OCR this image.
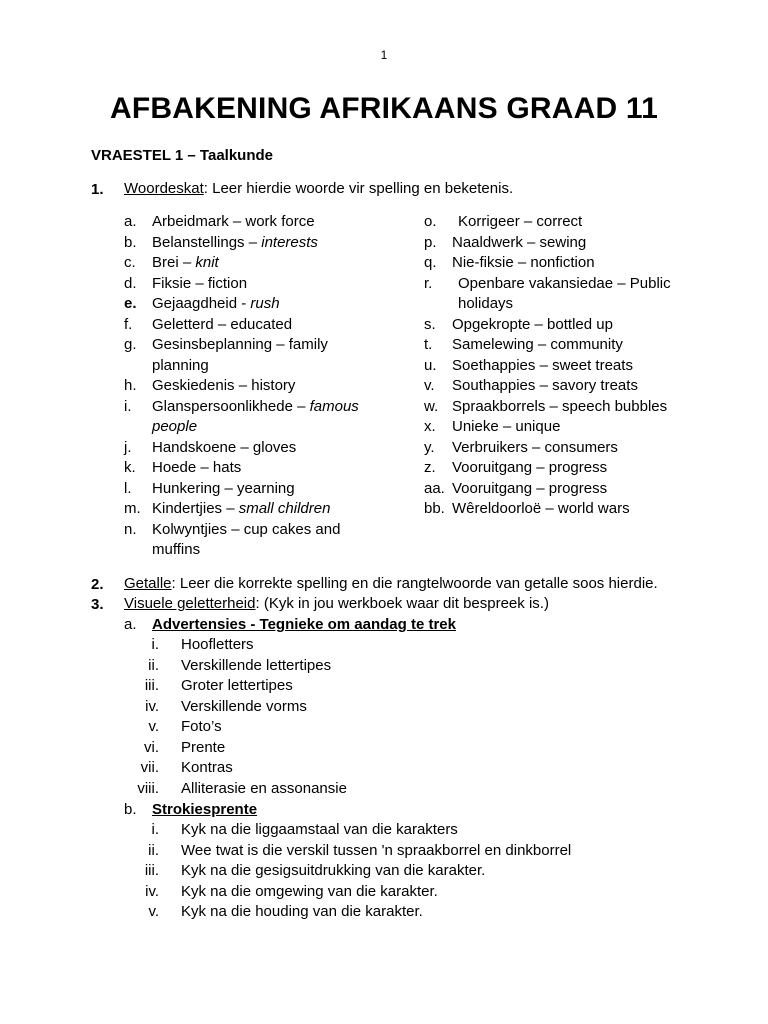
1
AFBAKENING AFRIKAANS GRAAD 11
VRAESTEL 1 – Taalkunde
1. Woordeskat: Leer hierdie woorde vir spelling en beketenis.
a. Arbeidmark – work force
b. Belanstellings – interests
c. Brei – knit
d. Fiksie – fiction
e. Gejaagdheid - rush
f. Geletterd – educated
g. Gesinsbeplanning – family planning
h. Geskiedenis – history
i. Glanspersoonlikhede – famous people
j. Handskoene – gloves
k. Hoede – hats
l. Hunkering – yearning
m. Kindertjies – small children
n. Kolwyntjies – cup cakes and muffins
o.	Korrigeer – correct
p. Naaldwerk – sewing
q. Nie-fiksie – nonfiction
r.	Openbare vakansiedae – Public holidays
s. Opgekropte – bottled up
t. Samelewing – community
u. Soethappies – sweet treats
v. Southappies – savory treats
w. Spraakborrels – speech bubbles
x. Unieke – unique
y. Verbruikers – consumers
z. Vooruitgang – progress
aa. Vooruitgang – progress
bb. Wêreldoorloë – world wars
2. Getalle: Leer die korrekte spelling en die rangtelwoorde van getalle soos hierdie.
3. Visuele geletterheid: (Kyk in jou werkboek waar dit bespreek is.)
a. Advertensies - Tegnieke om aandag te trek
i. Hoofletters
ii. Verskillende lettertipes
iii. Groter lettertipes
iv. Verskillende vorms
v. Foto’s
vi. Prente
vii. Kontras
viii. Alliterasie en assonansie
b. Strokiesprente
i. Kyk na die liggaamstaal van die karakters
ii. Wee twat is die verskil tussen 'n spraakborrel en dinkborrel
iii. Kyk na die gesigsuitdrukking van die karakter.
iv. Kyk na die omgewing van die karakter.
v. Kyk na die houding van die karakter.
